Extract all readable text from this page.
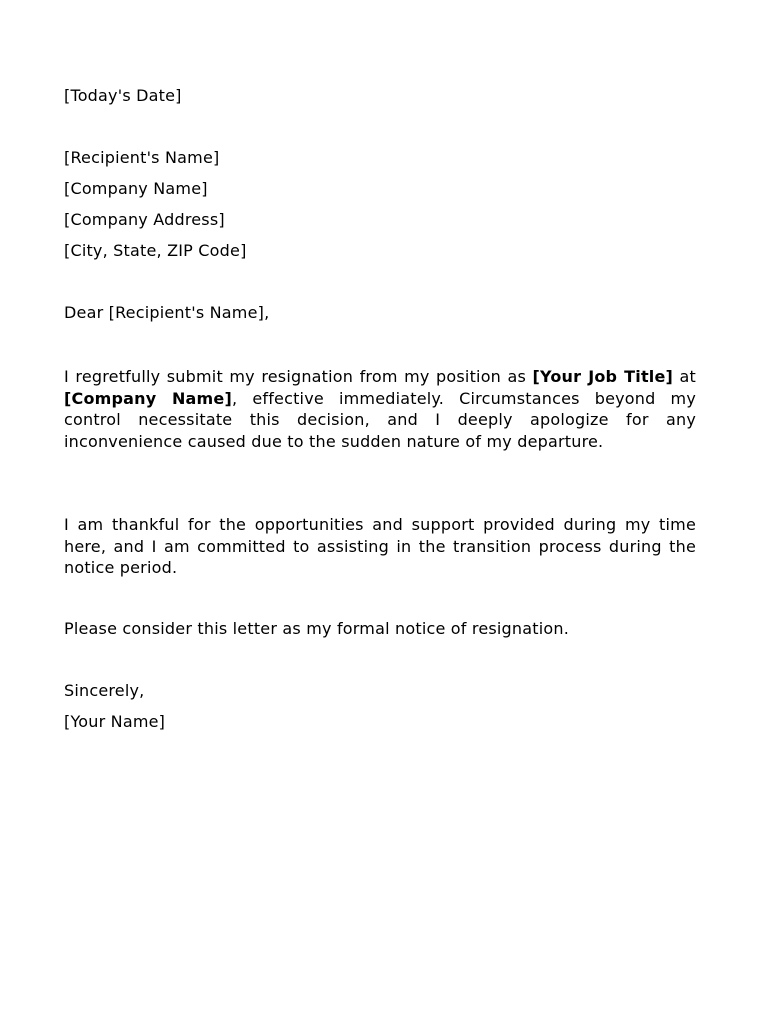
[Today's Date]
[Recipient's Name]
[Company Name]
[Company Address]
[City, State, ZIP Code]
Dear [Recipient's Name],
I regretfully submit my resignation from my position as [Your Job Title] at [Company Name], effective immediately. Circumstances beyond my control necessitate this decision, and I deeply apologize for any inconvenience caused due to the sudden nature of my departure.
I am thankful for the opportunities and support provided during my time here, and I am committed to assisting in the transition process during the notice period.
Please consider this letter as my formal notice of resignation.
Sincerely,
[Your Name]
